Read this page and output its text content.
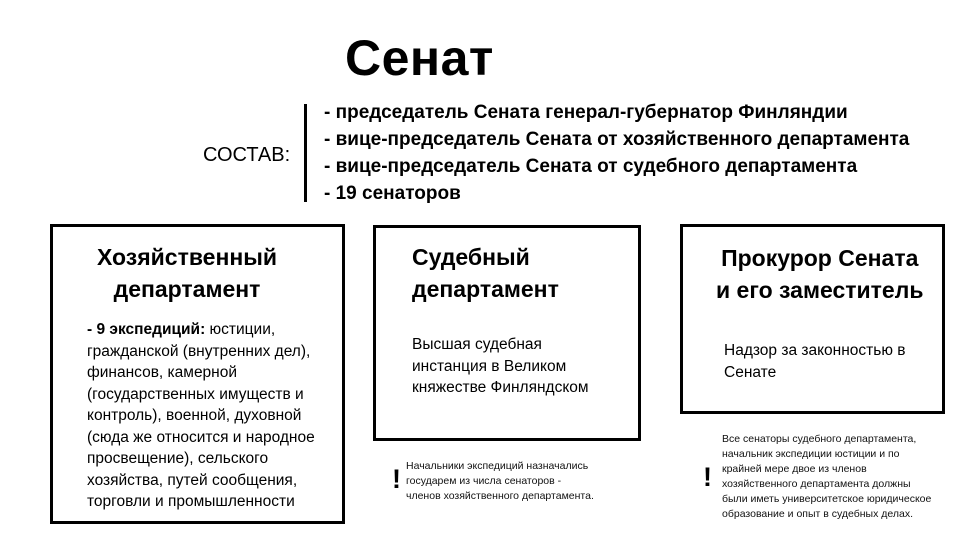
Сенат
СОСТАВ:
- председатель Сената генерал-губернатор Финляндии
- вице-председатель Сената от хозяйственного департамента
- вице-председатель Сената от судебного департамента
- 19 сенаторов
Хозяйственный
департамент
- 9 экспедиций: юстиции, гражданской (внутренних дел), финансов, камерной (государственных имуществ и контроль), военной, духовной (сюда же относится и народное просвещение), сельского хозяйства, путей сообщения, торговли и промышленности
Судебный
департамент
Высшая судебная
инстанция в Великом
княжестве Финляндском
Прокурор Сената
и его заместитель
Надзор за законностью в
Сенате
! Начальники экспедиций назначались
государем из числа сенаторов -
членов хозяйственного департамента.
!
Все сенаторы судебного департамента,
начальник экспедиции юстиции и по
крайней мере двое из членов
хозяйственного департамента должны
были иметь университетское юридическое
образование и опыт в судебных делах.
